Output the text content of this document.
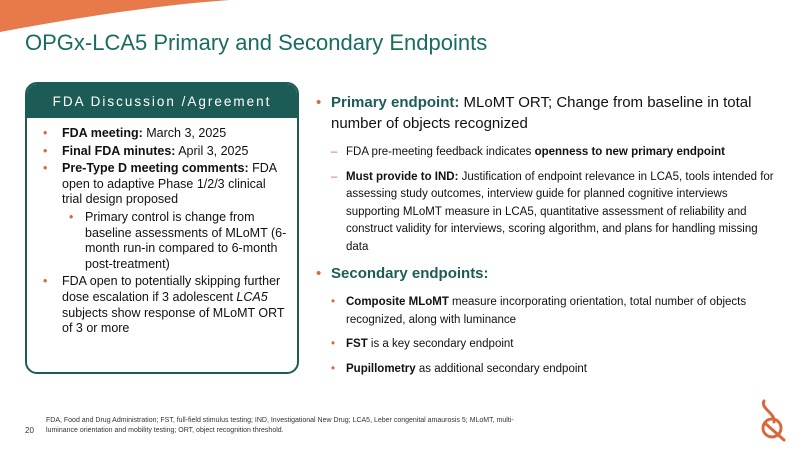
OPGx-LCA5 Primary and Secondary Endpoints
FDA Discussion /Agreement
• FDA meeting: March 3, 2025
• Final FDA minutes: April 3, 2025
• Pre-Type D meeting comments: FDA open to adaptive Phase 1/2/3 clinical trial design proposed
• Primary control is change from baseline assessments of MLoMT (6-month run-in compared to 6-month post-treatment)
• FDA open to potentially skipping further dose escalation if 3 adolescent LCA5 subjects show response of MLoMT ORT of 3 or more
• Primary endpoint: MLoMT ORT; Change from baseline in total number of objects recognized
– FDA pre-meeting feedback indicates openness to new primary endpoint
– Must provide to IND: Justification of endpoint relevance in LCA5, tools intended for assessing study outcomes, interview guide for planned cognitive interviews supporting MLoMT measure in LCA5, quantitative assessment of reliability and construct validity for interviews, scoring algorithm, and plans for handling missing data
• Secondary endpoints:
• Composite MLoMT measure incorporating orientation, total number of objects recognized, along with luminance
• FST is a key secondary endpoint
• Pupillometry as additional secondary endpoint
FDA, Food and Drug Administration; FST, full-field stimulus testing; IND, Investigational New Drug; LCA5, Leber congenital amaurosis 5; MLoMT, multi-luminance orientation and mobility testing; ORT, object recognition threshold.
20
